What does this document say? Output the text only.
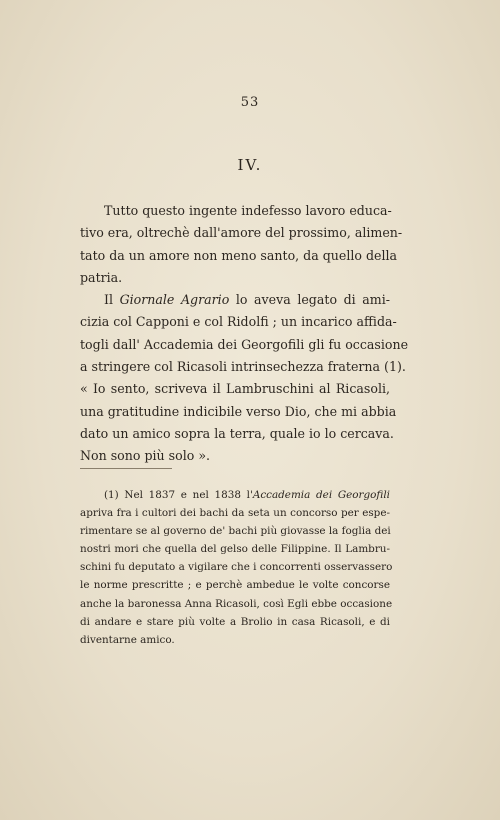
53
IV.
Tutto questo ingente indefesso lavoro educa-
tivo era, oltrechè dall'amore del prossimo, alimen-
tato da un amore non meno santo, da quello della
patria.
Il Giornale Agrario lo aveva legato di ami-
cizia col Capponi e col Ridolfi ; un incarico affida-
togli dall' Accademia dei Georgofili gli fu occasione
a stringere col Ricasoli intrinsechezza fraterna (1).
« Io sento, scriveva il Lambruschini al Ricasoli,
una gratitudine indicibile verso Dio, che mi abbia
dato un amico sopra la terra, quale io lo cercava.
Non sono più solo ».
(1) Nel 1837 e nel 1838 l'Accademia dei Georgofili
apriva fra i cultori dei bachi da seta un concorso per espe-
rimentare se al governo de' bachi più giovasse la foglia dei
nostri mori che quella del gelso delle Filippine. Il Lambru-
schini fu deputato a vigilare che i concorrenti osservassero
le norme prescritte ; e perchè ambedue le volte concorse
anche la baronessa Anna Ricasoli, così Egli ebbe occasione
di andare e stare più volte a Brolio in casa Ricasoli, e di
diventarne amico.
